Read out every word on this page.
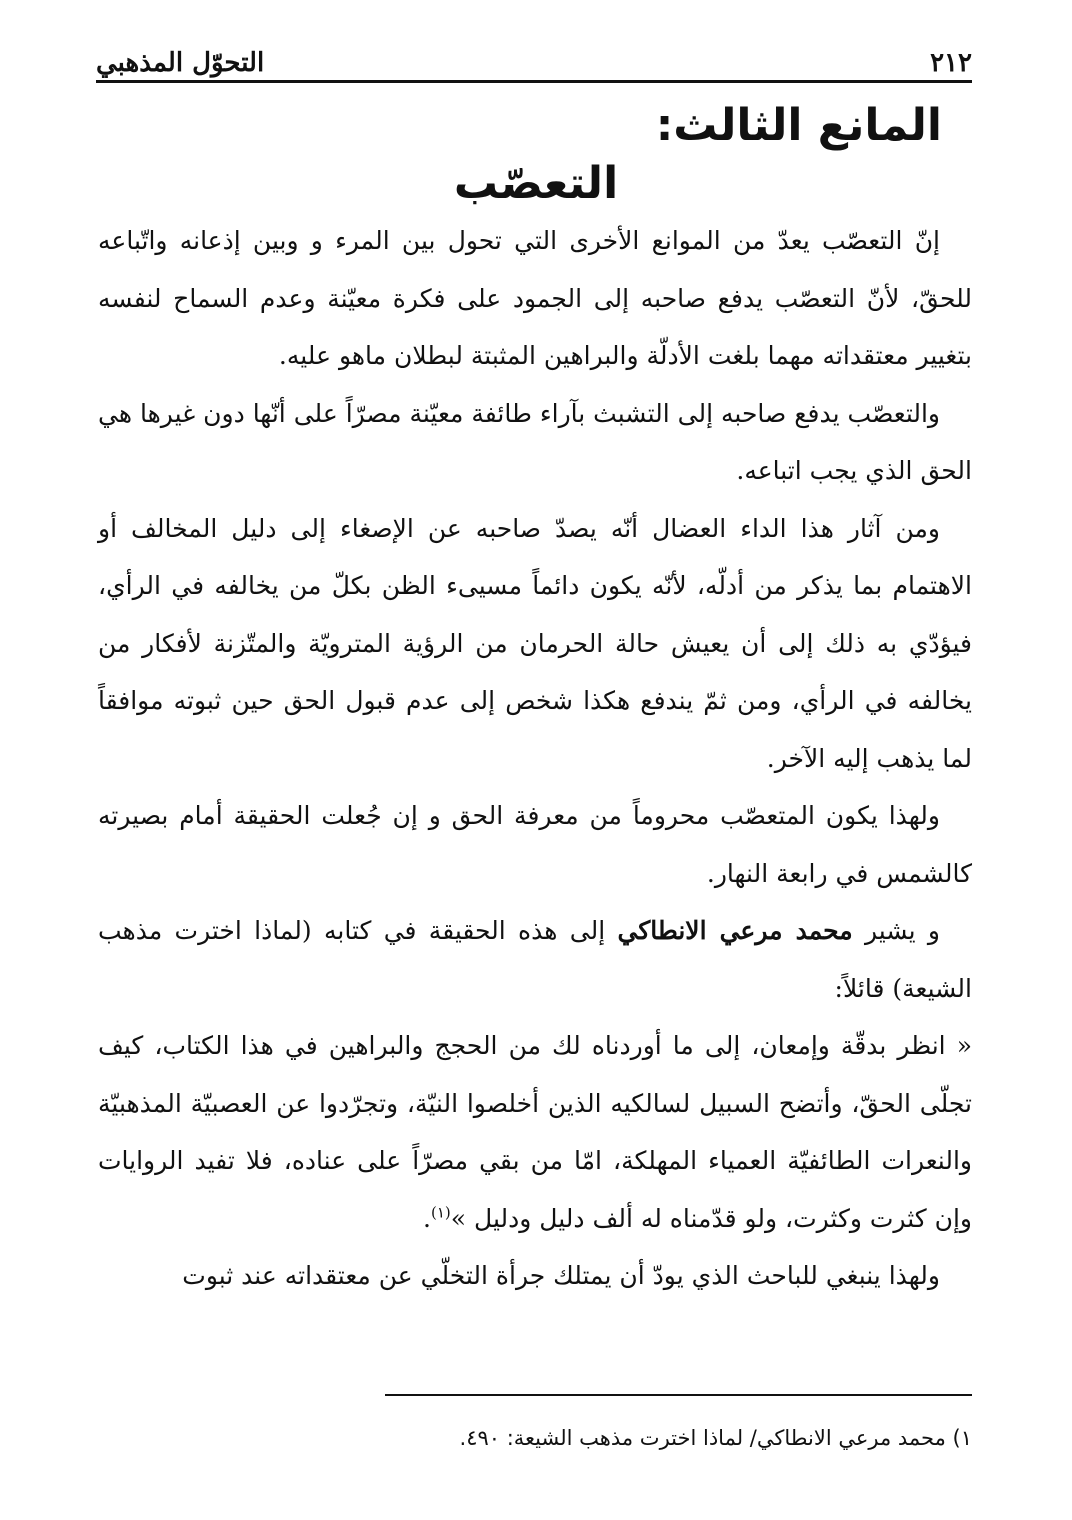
٢١٢
التحوّل المذهبي
المانع الثالث:
التعصّب

إنّ التعصّب يعدّ من الموانع الأخرى التي تحول بين المرء و وبين إذعانه واتّباعه للحقّ، لأنّ التعصّب يدفع صاحبه إلى الجمود على فكرة معيّنة وعدم السماح لنفسه بتغيير معتقداته مهما بلغت الأدلّة والبراهين المثبتة لبطلان ماهو عليه.

والتعصّب يدفع صاحبه إلى التشبث بآراء طائفة معيّنة مصرّاً على أنّها دون غيرها هي الحق الذي يجب اتباعه.

ومن آثار هذا الداء العضال أنّه يصدّ صاحبه عن الإصغاء إلى دليل المخالف أو الاهتمام بما يذكر من أدلّه، لأنّه يكون دائماً مسيىء الظن بكلّ من يخالفه في الرأي، فيؤدّي به ذلك إلى أن يعيش حالة الحرمان من الرؤية المترويّة والمتّزنة لأفكار من يخالفه في الرأي، ومن ثمّ يندفع هكذا شخص إلى عدم قبول الحق حين ثبوته موافقاً لما يذهب إليه الآخر.

ولهذا يكون المتعصّب محروماً من معرفة الحق و إن جُعلت الحقيقة أمام بصيرته كالشمس في رابعة النهار.

و يشير محمد مرعي الانطاكي إلى هذه الحقيقة في كتابه (لماذا اخترت مذهب الشيعة) قائلاً:

« انظر بدقّة وإمعان، إلى ما أوردناه لك من الحجج والبراهين في هذا الكتاب، كيف تجلّى الحقّ، وأتضح السبيل لسالكيه الذين أخلصوا النيّة، وتجرّدوا عن العصبيّة المذهبيّة والنعرات الطائفيّة العمياء المهلكة، امّا من بقي مصرّاً على عناده، فلا تفيد الروايات وإن كثرت وكثرت، ولو قدّمناه له ألف دليل ودليل »$^{(١)}$.

ولهذا ينبغي للباحث الذي يودّ أن يمتلك جرأة التخلّي عن معتقداته عند ثبوت

١) محمد مرعي الانطاكي/ لماذا اخترت مذهب الشيعة: ٤٩٠.
